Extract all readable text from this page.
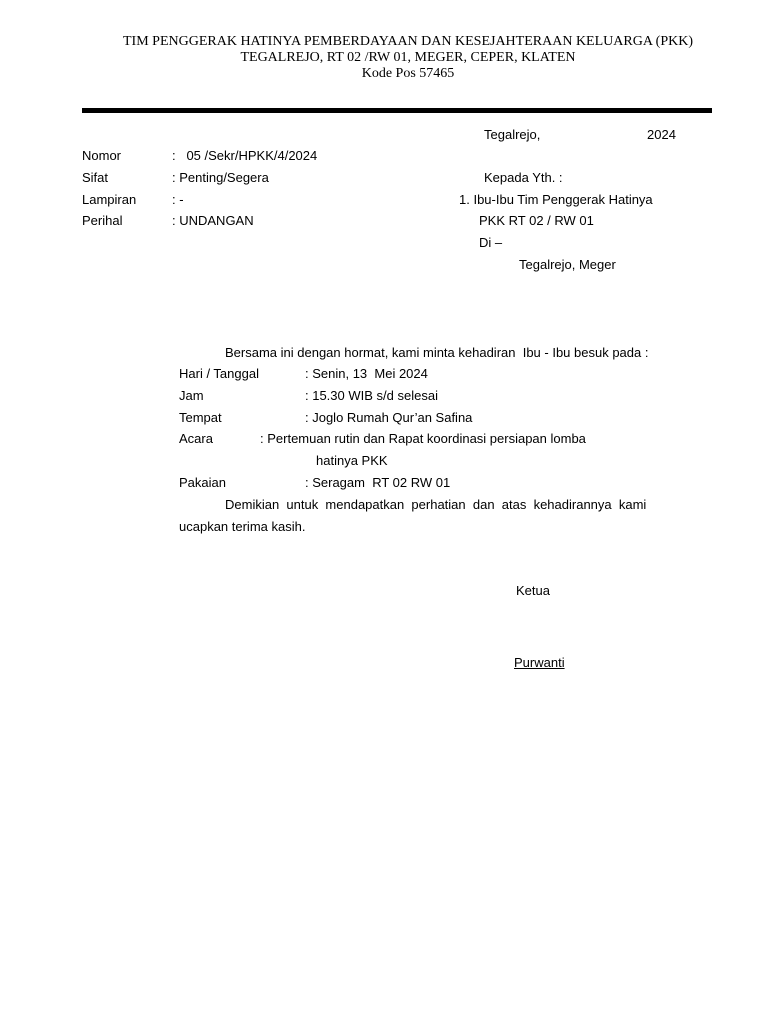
TIM PENGGERAK HATINYA PEMBERDAYAAN DAN KESEJAHTERAAN KELUARGA (PKK)
TEGALREJO, RT 02 /RW 01, MEGER, CEPER, KLATEN
Kode Pos 57465
Tegalrejo,	2024
Nomor	:   05 /Sekr/HPKK/4/2024
Sifat	: Penting/Segera
Lampiran	: -
Perihal	: UNDANGAN
Kepada Yth. :
1. Ibu-Ibu Tim Penggerak Hatinya
PKK RT 02 / RW 01
Di –
Tegalrejo, Meger
Bersama ini dengan hormat, kami minta kehadiran  Ibu - Ibu besuk pada :
Hari / Tanggal	: Senin, 13  Mei 2024
Jam	: 15.30 WIB s/d selesai
Tempat	: Joglo Rumah Qur’an Safina
Acara	: Pertemuan rutin dan Rapat koordinasi persiapan lomba
hatinya PKK
Pakaian	: Seragam  RT 02 RW 01
Demikian  untuk  mendapatkan  perhatian  dan  atas  kehadirannya  kami
ucapkan terima kasih.
Ketua
Purwanti
